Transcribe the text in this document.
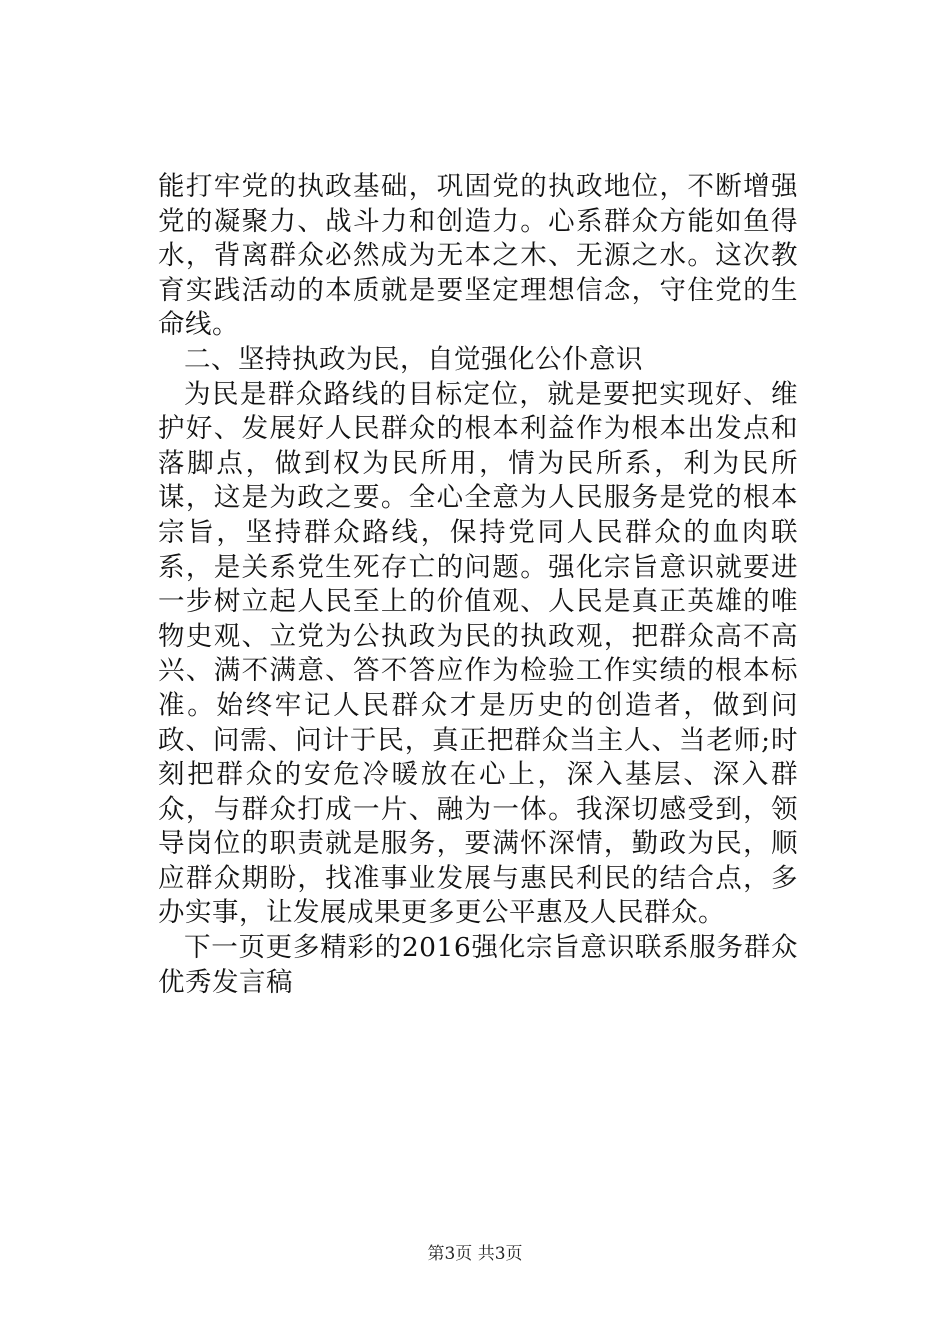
能打牢党的执政基础，巩固党的执政地位，不断增强党的凝聚力、战斗力和创造力。心系群众方能如鱼得水，背离群众必然成为无本之木、无源之水。这次教育实践活动的本质就是要坚定理想信念，守住党的生命线。

二、坚持执政为民，自觉强化公仆意识

为民是群众路线的目标定位，就是要把实现好、维护好、发展好人民群众的根本利益作为根本出发点和落脚点，做到权为民所用，情为民所系，利为民所谋，这是为政之要。全心全意为人民服务是党的根本宗旨，坚持群众路线，保持党同人民群众的血肉联系，是关系党生死存亡的问题。强化宗旨意识就要进一步树立起人民至上的价值观、人民是真正英雄的唯物史观、立党为公执政为民的执政观，把群众高不高兴、满不满意、答不答应作为检验工作实绩的根本标准。始终牢记人民群众才是历史的创造者，做到问政、问需、问计于民，真正把群众当主人、当老师;时刻把群众的安危冷暖放在心上，深入基层、深入群众，与群众打成一片、融为一体。我深切感受到，领导岗位的职责就是服务，要满怀深情，勤政为民，顺应群众期盼，找准事业发展与惠民利民的结合点，多办实事，让发展成果更多更公平惠及人民群众。

下一页更多精彩的2016强化宗旨意识联系服务群众优秀发言稿

第3页 共3页
